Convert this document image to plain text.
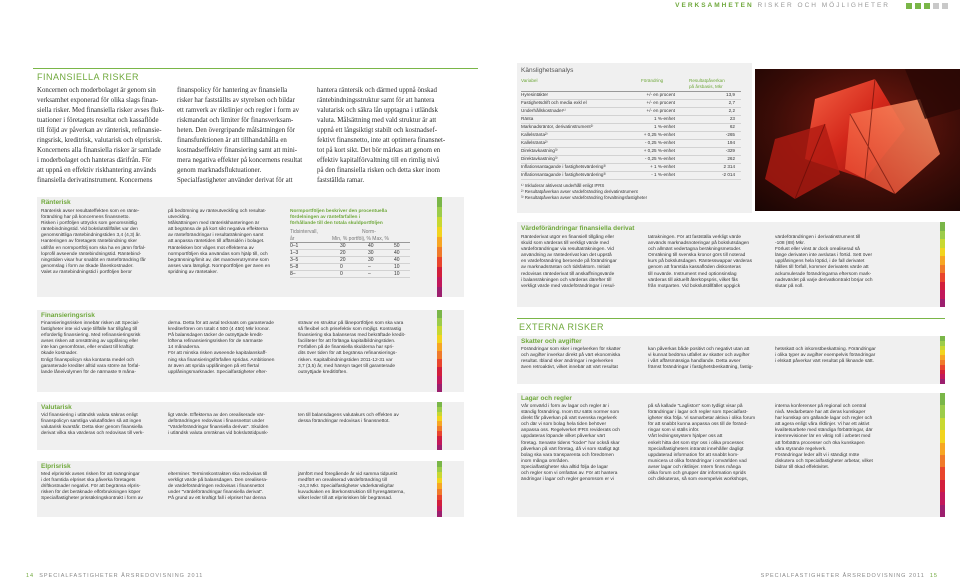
VERKSAMHETEN RISKER OCH MÖJLIGHETER
FINANSIELLA RISKER
Koncernen och moderbolaget är genom sin
verksamhet exponerad för olika slags finan-
siella risker. Med finansiella risker avses fluk-
tuationer i företagets resultat och kassaflöde
till följd av påverkan av ränterisk, refinansie-
ringsrisk, kreditrisk, valutarisk och elprisrisk.
Koncernens alla finansiella risker är samlade
i moderbolaget och hanteras därifrån. För
att uppnå en effektiv riskhantering används
finansiella derivatinstrument. Koncernens
finanspolicy för hantering av finansiella
risker har fastställts av styrelsen och bildar
ett ramverk av riktlinjer och regler i form av
riskmandat och limiter för finansverksam-
heten. Den övergripande målsättningen för
finansfunktionen är att tillhandahålla en
kostnadseffektiv finansiering samt att mini-
mera negativa effekter på koncernens resultat
genom marknadsfluktuationer.
Specialfastigheter använder derivat för att
hantera räntersik och därmed uppnå önskad
räntebindningsstruktur samt för att hantera
valutarisk och säkra lån upptagna i utländsk
valuta. Målsättning med vald struktur är att
uppnå ett långsiktigt stabilt och kostnadsef-
fektivt finansnetto, inte att optimera finansnet-
tot på kort sikt. Det bör märkas att genom en
effektiv kapitalförvaltning till en rimlig nivå
på den finansiella risken och detta sker inom
fastställda ramar.
Ränterisk
Ränterisk avser resultateffekten som en ränte-
förändring har på koncernens finansnetto.
Risken i portföljen uttrycks som genomsnittlig
räntebindningstid. Vid bokslutstillfället var den
genomsnittliga räntebindningstiden 3,4 (4,3) år.
Hanteringen av företagets räntebindning sker
utifrån en normportfölj som ska ha en jämn förfal-
loprofil avseende räntebindningstid. Räntebind-
ningstiden visar hur snabbt en ränteförändring får
genomslag i form av ökade låneskostnader.
Valet av räntebindningstid i portföljen beror
på bedömning av ränteutveckling och resultat-
utveckling.
Målsättningen med ränteriskhanteringen är
att begränsa de på kort sikt negativa effekterna
av ränteförändringar i resultaträkningen samt
att anpassa räntetiden till affärsidén i bolaget.
Räntelisken bör våges mot effekterna av
normportföljen ska användas som hjälp till, och
begränsning/limit av, det manöverutrymme som
anses vara lämpligt. Normportföljen ger även en
spridning av räntetaker.
Normportföljen beskriver den procentuella
fördelningen av räntefärfallen i
förhållande till den totala skuldportföljen
Tidsintervall,	Norm-
år	Min, % portfölj, % Max, %
0–1	30	40	50
1–3	20	30	40
3–5	20	30	40
5–8	0	–	10
8–	0	–	10
Finansieringsrisk
Finansieringsrisken innebär risken att Special-
fastigheter inte vid varje tillfälle har tillgång till
erforderlig finansiering. Med refinansieringsrisk
avses risken att omsättning av upplåning eller
inte kan genomföras, eller endast till kraftigt
ökade kostnader.
Enligt finanspolicyn ska kontanta medel och
garanterade krediter alltid vara större än förfal-
lande låneivolymen för de närmaste 9 måna-
derna. Detta för att avtal tecknats om garanterade
krediterfören om totalt 4 500 (4 450) Mkr kronor.
På balansdagen täcker de outnyttjade kredit-
löftena refinansieringsrisken för de närmaste
14 månaderna.
För att minska risken avseende kapitalanskaff-
ning ska finansieringsförfallen spridas. Ambitionen
är även att sprida upplåningen på ett flertal
upplåningsmarknader. Specialfastigheter efter-
strävar en struktur på låneportföljen som ska vara
så flexibel och prisefektiv som möjligt. Kontrastig
finansiering ska balanseras med bekräftade kredit-
faciliteter för att förlänga kapitalbildningstiden.
Förfallen på de finansiella skulderna har spri-
dits över tiden för att begränsa refinansierings-
risken. Kapitalbindningstiden 2011-12-31 var
3,7 (3,5) år, med hänsyn taget till garanterade
outnyttjade kreditlöften.
Valutarisk
Vid finansiering i utländsk valuta säkras enligt
finanspolicyn samtliga valutaflöden så att ingen
valutarisk kvarstår. Detta sker genom finansiella
derivat vilka ska värderas och redovisas till verk-
ligt värde. Effekterna av den orealiserade vär-
deförändringen redovisas i finansnettot under
"Värdeförändringar finansiella derivat". Skulden
i utländsk valuta omräknas vid bokslutstidpunk-
ten till balansdagens valutakurs och effekten av
dessa förändringar redovisas i finansnettot.
Elprisrisk
Med elprisrisk avses risken för att svängningar
i det framtida elpriset ska påverka företagets
driftkostnader negativt. För att begränsa elpris-
risken för det beräknade elförbrukningen köper
Specialfastigheter prissäkringskontrakt i form av
elterminer. Terminskontrakten ska redovisas till
verkligt värde på balansdagen. Den orealisera-
de värdeförändringen redovisas i finansnettot
under "Värdeförändringar finansiella derivat".
På grund av ett kraftigt fall i elpriset har denna
jämfört med föregående år vid samma tidpunkt
medfört en orealiserad värdeförändring till
-24,3 Mkr. Specialfastigheter väderkänslig/tar
kuvudsaken en återkonstruktion till hyresgästerna,
vilket leder till att elprisrisken blir begränsad.
14 SPECIALFASTIGHETER ÅRSREDOVISNING 2011
Känslighetsanalys
Variabel	Förändring	Resultatpåverkan
på årsbasis, Mkr
Hyresintäkter	+/- en procent	13,9
Fastighetsdrift och media exkl el	+/- en procent	2,7
Underhållskostnader¹⁾	+/- en procent	2,2
Ränta	1 %-enhet	23
Marknadsräntor, derivatinstrument²⁾	1 %-enhet	62
Kallelsränta²⁾	+ 0,25 %-enhet	-265
Kallelsränta²⁾	- 0,25 %-enhet	194
Direktavkastning³⁾	+ 0,25 %-enhet	-329
Direktavkastning³⁾	- 0,25 %-enhet	262
Inflationsantagande i fastighetsvärdering³⁾	+ 1 %-enhet	2 314
Inflationsantagande i fastighetsvärdering³⁾	- 1 %-enhet	-2 014
¹⁾ Inkluderar aktiverat underhåll enligt IFRS
²⁾ Resultatpåverkan avser värdeförändring derivatinstrument
³⁾ Resultatpåverkan avser värdeförändring förvaltningsfastigheter
Värdeförändringar finansiella derivat
Räntederivat utgör en finansiell tillgång eller
skuld som värderas till verkligt värde med
värdeförändringar via resultaträkningen. Vid
användning av räntederivat kan det uppstå
en värdeförändring beroende på förändringar
av marknadsräntan och tidsfaktorn. Initialt
redovisas räntederivat till anskaffningsvärde
i balansräkningen och värderas därefter till
verkligt värde med värdeförändringar i resul-
tatrakningen. För att fastställa verkligt värde
används marknadsnoteringar på bokslutsdagen
och allmänt vedertagna beräkningsmetoder.
Omräkning till svenska kronor görs till noterad
kurs på bokslutsdagen. Räntesswappar värderas
genom att framtida kassaflöden diskonteras
till nuvärde. Instrument med optionsinslag
värderas till aktuellt återköpspris, vilket fås
från motparten. Vid bokslutstillfället uppgick
värdeförändringen i derivatinstrument till
-108 (88) Mkr.
Förlust eller vinst är dock orealiserad så
länge derivaten inte avslutas i förtid. Sett över
upplåningens hela löptid, i de fall derivatet
hålles till förfall, kommer derivatets värde att
ackumulerade förändringarna eftersom mark-
nadsvärdet på varje derivatkontrakt börjar och
slutar på noll.
EXTERNA RISKER
Skatter och avgifter
Förändringar som sker i regelverken för skatter
och avgifter inverkar direkt på värt ekonomiska
resultat. Ibland sker ändringar i regelverken
även retroaktivt, vilket innebär att värt resultat
kan påverkas både positivt och negativt utan att
vi kunnat bedöma utfallet av skatter och avgifter
i vårt affärsmässiga handlande. Detta avser
främst förändringar i fastighetsbeskattning, fastig-
hetsskatt och inkomstbeskattning. Förändringar
i olika typer av avgifter exempelvis förändringar
i elskatt påverkar värt resultat på liknande sätt.
Lagar och regler
Vår omvärld i form av lagar och regler är i
ständig förändring. Inom EU sätts normer som
direkt får påverkan på värt svenska regelverk
och där vi som bolag hela tiden behöver
anpassa oss. Regelverket IFRS reviderats och
uppdateras löpande vilket påverkar värt
företag. Senaste tidens "koder" har också skar
påverkan på värt företag, då vi som statligt ägt
bolag ska vara transparenta och föredömen
inom många områden.
Specialfastigheter ska alltid följa de lagar
och regler som vi omfattas av. För att hantera
ändringar i lagar och regler genomsom er vi
på så kallade "Lagliston" som tydligt visar på
förändringar i lagar och regler som Specialfast-
igheter ska följa. Vi samarbetar aktiva i olika forum
för att snabbt kunna anpassa oss till de föränd-
ringar som vi ställs inför.
Vårt ledningssystem hjälper oss att
enkelt hitta det som styr oss i olika processer.
Specialfastigheters intranät innehåller dagligt
uppdaterad information för att snabbt kom-
municera ut olika förändringar i omvärlden vad
avser lagar och riktlinjer. Intern finns många
olika forum och grupper där information sprids
och diskuteras, så som exempelvis workshops,
interna konferenser på regional och central
nivå. Medarbetare har att deras kunskaper
har kunskap om gällande lagar och regler och
att agera enligt våra riktlinjer. Vi har ett aktivt
kvalitetsarbete med ständiga förbättringar, där
internrevisioner lär en viktig roll i arbetet med
att förbättra processer och öka kunskapen
våra styrande regelverk.
Förändringar leder allt vi i ständigt möte
diskutera och Specialfastigheter arbetar, vilket
bidrar till ökad effektivitet.
SPECIALFASTIGHETER ÅRSREDOVISNING 2011 15
